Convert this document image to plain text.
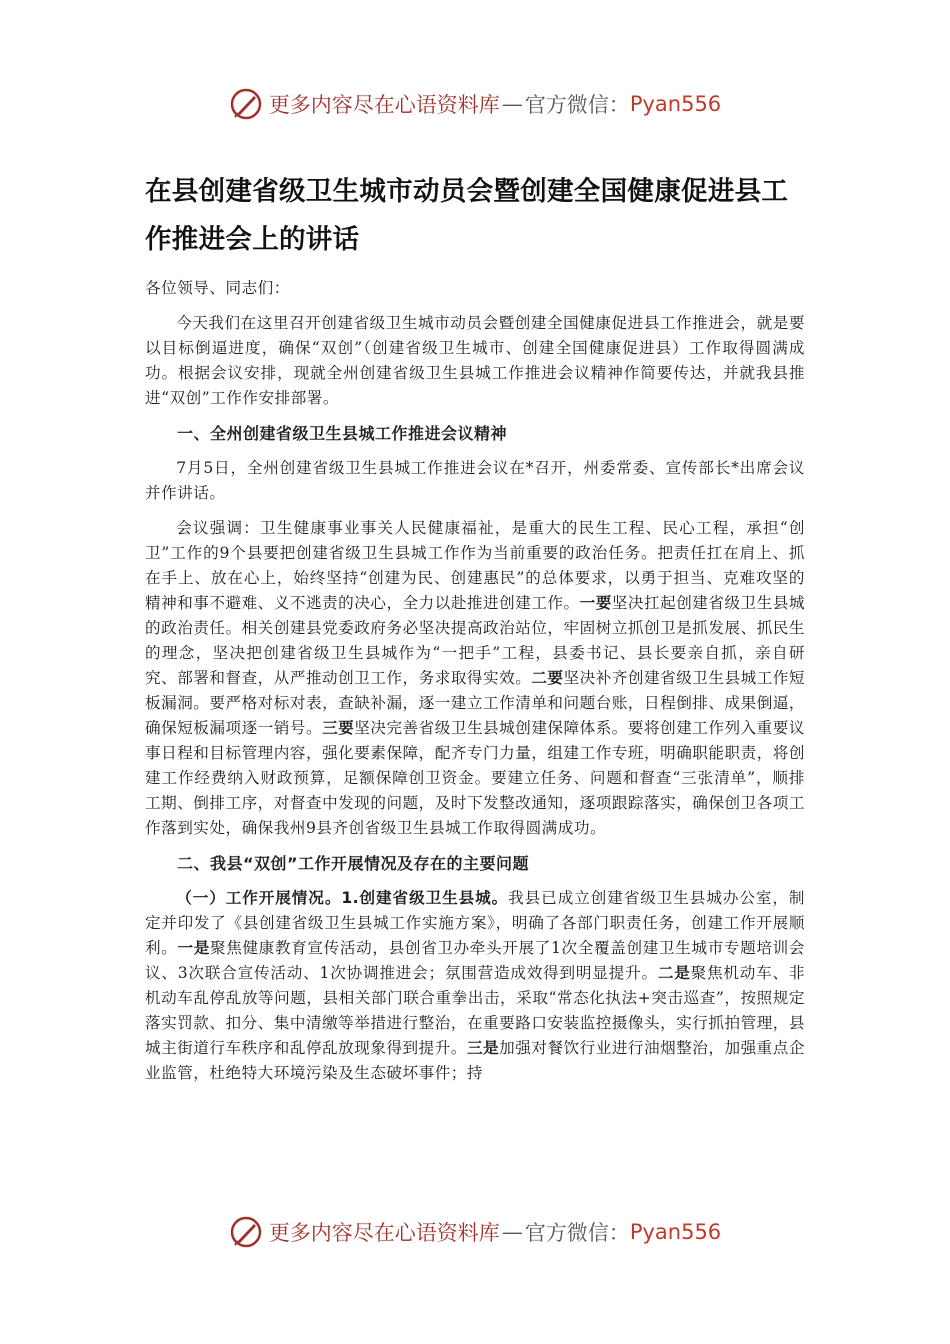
更多内容尽在心语资料库 — 官方微信： Pyan556
在县创建省级卫生城市动员会暨创建全国健康促进县工作推进会上的讲话

各位领导、同志们：

今天我们在这里召开创建省级卫生城市动员会暨创建全国健康促进县工作推进会，就是要以目标倒逼进度，确保“双创”（创建省级卫生城市、创建全国健康促进县）工作取得圆满成功。根据会议安排，现就全州创建省级卫生县城工作推进会议精神作简要传达，并就我县推进“双创”工作作安排部署。

一、全州创建省级卫生县城工作推进会议精神

7月5日，全州创建省级卫生县城工作推进会议在*召开，州委常委、宣传部长*出席会议并作讲话。

会议强调：卫生健康事业事关人民健康福祉，是重大的民生工程、民心工程，承担“创卫”工作的9个县要把创建省级卫生县城工作作为当前重要的政治任务。把责任扛在肩上、抓在手上、放在心上，始终坚持“创建为民、创建惠民”的总体要求，以勇于担当、克难攻坚的精神和事不避难、义不逃责的决心，全力以赴推进创建工作。一要坚决扛起创建省级卫生县城的政治责任。相关创建县党委政府务必坚决提高政治站位，牢固树立抓创卫是抓发展、抓民生的理念，坚决把创建省级卫生县城作为“一把手”工程，县委书记、县长要亲自抓，亲自研究、部署和督查，从严推动创卫工作，务求取得实效。二要坚决补齐创建省级卫生县城工作短板漏洞。要严格对标对表，查缺补漏，逐一建立工作清单和问题台账，日程倒排、成果倒逼，确保短板漏项逐一销号。三要坚决完善省级卫生县城创建保障体系。要将创建工作列入重要议事日程和目标管理内容，强化要素保障，配齐专门力量，组建工作专班，明确职能职责，将创建工作经费纳入财政预算，足额保障创卫资金。要建立任务、问题和督查“三张清单”，顺排工期、倒排工序，对督查中发现的问题，及时下发整改通知，逐项跟踪落实，确保创卫各项工作落到实处，确保我州9县齐创省级卫生县城工作取得圆满成功。

二、我县“双创”工作开展情况及存在的主要问题

（一）工作开展情况。1.创建省级卫生县城。我县已成立创建省级卫生县城办公室，制定并印发了《县创建省级卫生县城工作实施方案》，明确了各部门职责任务，创建工作开展顺利。一是聚焦健康教育宣传活动，县创省卫办牵头开展了1次全覆盖创建卫生城市专题培训会议、3次联合宣传活动、1次协调推进会；氛围营造成效得到明显提升。二是聚焦机动车、非机动车乱停乱放等问题，县相关部门联合重拳出击，采取“常态化执法+突击巡查”，按照规定落实罚款、扣分、集中清缴等举措进行整治，在重要路口安装监控摄像头，实行抓拍管理，县城主街道行车秩序和乱停乱放现象得到提升。三是加强对餐饮行业进行油烟整治，加强重点企业监管，杜绝特大环境污染及生态破坏事件；持

更多内容尽在心语资料库 — 官方微信： Pyan556
